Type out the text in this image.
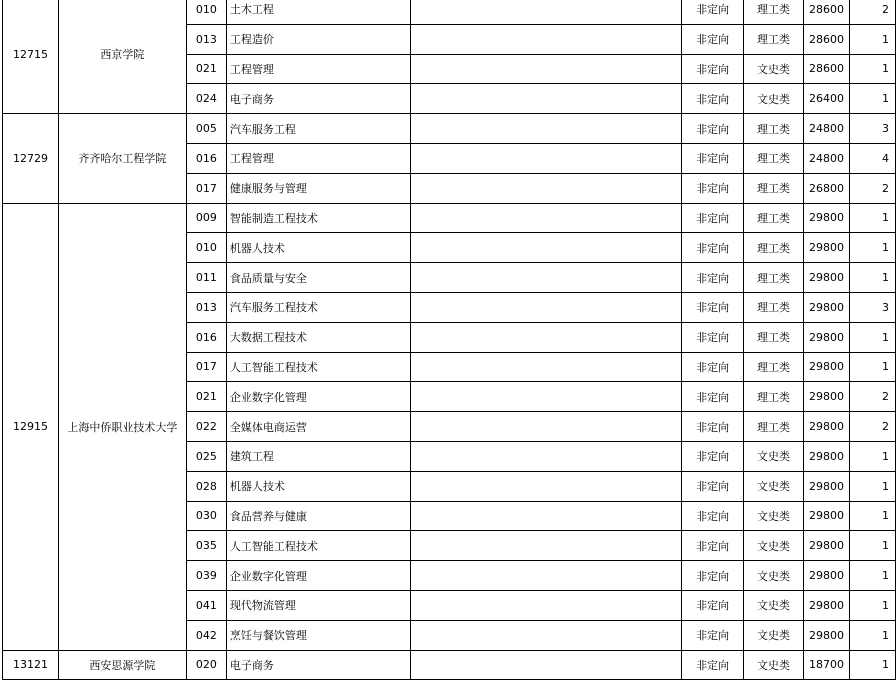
12715	西京学院	010	土木工程		非定向	理工类	28600	2
		013	工程造价		非定向	理工类	28600	1
		021	工程管理		非定向	文史类	28600	1
		024	电子商务		非定向	文史类	26400	1
12729	齐齐哈尔工程学院	005	汽车服务工程		非定向	理工类	24800	3
		016	工程管理		非定向	理工类	24800	4
		017	健康服务与管理		非定向	理工类	26800	2
12915	上海中侨职业技术大学	009	智能制造工程技术		非定向	理工类	29800	1
		010	机器人技术		非定向	理工类	29800	1
		011	食品质量与安全		非定向	理工类	29800	1
		013	汽车服务工程技术		非定向	理工类	29800	3
		016	大数据工程技术		非定向	理工类	29800	1
		017	人工智能工程技术		非定向	理工类	29800	1
		021	企业数字化管理		非定向	理工类	29800	2
		022	全媒体电商运营		非定向	理工类	29800	2
		025	建筑工程		非定向	文史类	29800	1
		028	机器人技术		非定向	文史类	29800	1
		030	食品营养与健康		非定向	文史类	29800	1
		035	人工智能工程技术		非定向	文史类	29800	1
		039	企业数字化管理		非定向	文史类	29800	1
		041	现代物流管理		非定向	文史类	29800	1
		042	烹饪与餐饮管理		非定向	文史类	29800	1
13121	西安思源学院	020	电子商务		非定向	文史类	18700	1
